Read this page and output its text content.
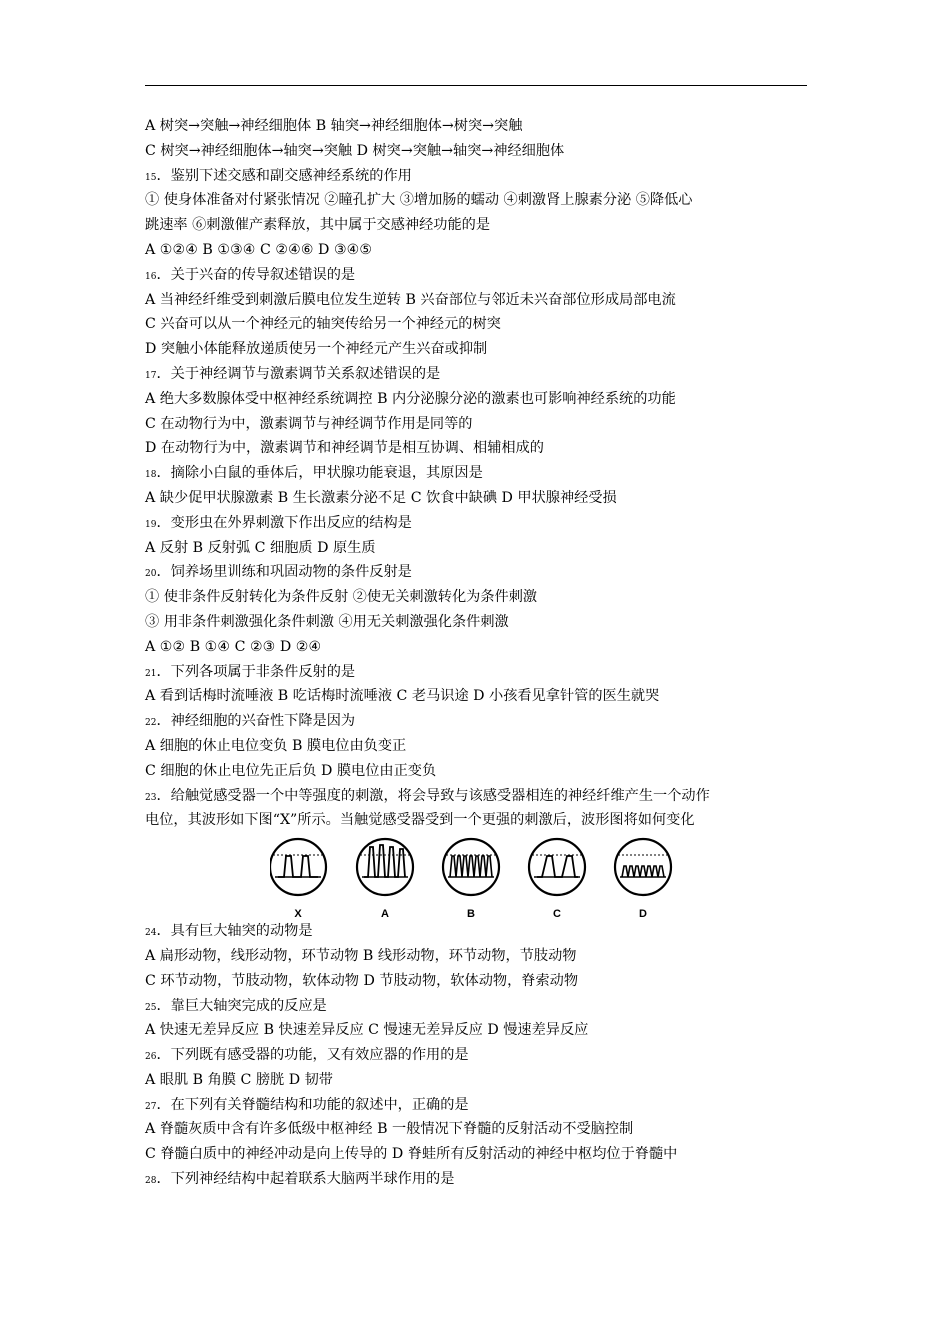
A 树突→突触→神经细胞体 B 轴突→神经细胞体→树突→突触
C 树突→神经细胞体→轴突→突触 D 树突→突触→轴突→神经细胞体
$^{15}$．鉴别下述交感和副交感神经系统的作用
① 使身体准备对付紧张情况 ②瞳孔扩大 ③增加肠的蠕动 ④刺激肾上腺素分泌 ⑤降低心
跳速率 ⑥刺激催产素释放，其中属于交感神经功能的是
A ①②④ B ①③④ C ②④⑥ D ③④⑤
$^{16}$．关于兴奋的传导叙述错误的是
A 当神经纤维受到刺激后膜电位发生逆转 B 兴奋部位与邻近未兴奋部位形成局部电流
C 兴奋可以从一个神经元的轴突传给另一个神经元的树突
D 突触小体能释放递质使另一个神经元产生兴奋或抑制
$^{17}$．关于神经调节与激素调节关系叙述错误的是
A 绝大多数腺体受中枢神经系统调控 B 内分泌腺分泌的激素也可影响神经系统的功能
C 在动物行为中，激素调节与神经调节作用是同等的
D 在动物行为中，激素调节和神经调节是相互协调、相辅相成的
$^{18}$．摘除小白鼠的垂体后，甲状腺功能衰退，其原因是
A 缺少促甲状腺激素 B 生长激素分泌不足 C 饮食中缺碘 D 甲状腺神经受损
$^{19}$．变形虫在外界刺激下作出反应的结构是
A 反射 B 反射弧 C 细胞质 D 原生质
$^{20}$．饲养场里训练和巩固动物的条件反射是
① 使非条件反射转化为条件反射 ②使无关刺激转化为条件刺激
③ 用非条件刺激强化条件刺激 ④用无关刺激强化条件刺激
A ①② B ①④ C ②③ D ②④
$^{21}$．下列各项属于非条件反射的是
A 看到话梅时流唾液 B 吃话梅时流唾液 C 老马识途 D 小孩看见拿针管的医生就哭
$^{22}$．神经细胞的兴奋性下降是因为
A 细胞的休止电位变负 B 膜电位由负变正
C 细胞的休止电位先正后负 D 膜电位由正变负
$^{23}$．给触觉感受器一个中等强度的刺激，将会导致与该感受器相连的神经纤维产生一个动作
电位，其波形如下图“X”所示。当触觉感受器受到一个更强的刺激后，波形图将如何变化
X	A	B	C	D
$^{24}$．具有巨大轴突的动物是
A 扁形动物，线形动物，环节动物 B 线形动物，环节动物，节肢动物
C 环节动物，节肢动物，软体动物 D 节肢动物，软体动物，脊索动物
$^{25}$．靠巨大轴突完成的反应是
A 快速无差异反应 B 快速差异反应 C 慢速无差异反应 D 慢速差异反应
$^{26}$．下列既有感受器的功能，又有效应器的作用的是
A 眼肌 B 角膜 C 膀胱 D 韧带
$^{27}$．在下列有关脊髓结构和功能的叙述中，正确的是
A 脊髓灰质中含有许多低级中枢神经 B 一般情况下脊髓的反射活动不受脑控制
C 脊髓白质中的神经冲动是向上传导的 D 脊蛙所有反射活动的神经中枢均位于脊髓中
$^{28}$．下列神经结构中起着联系大脑两半球作用的是
